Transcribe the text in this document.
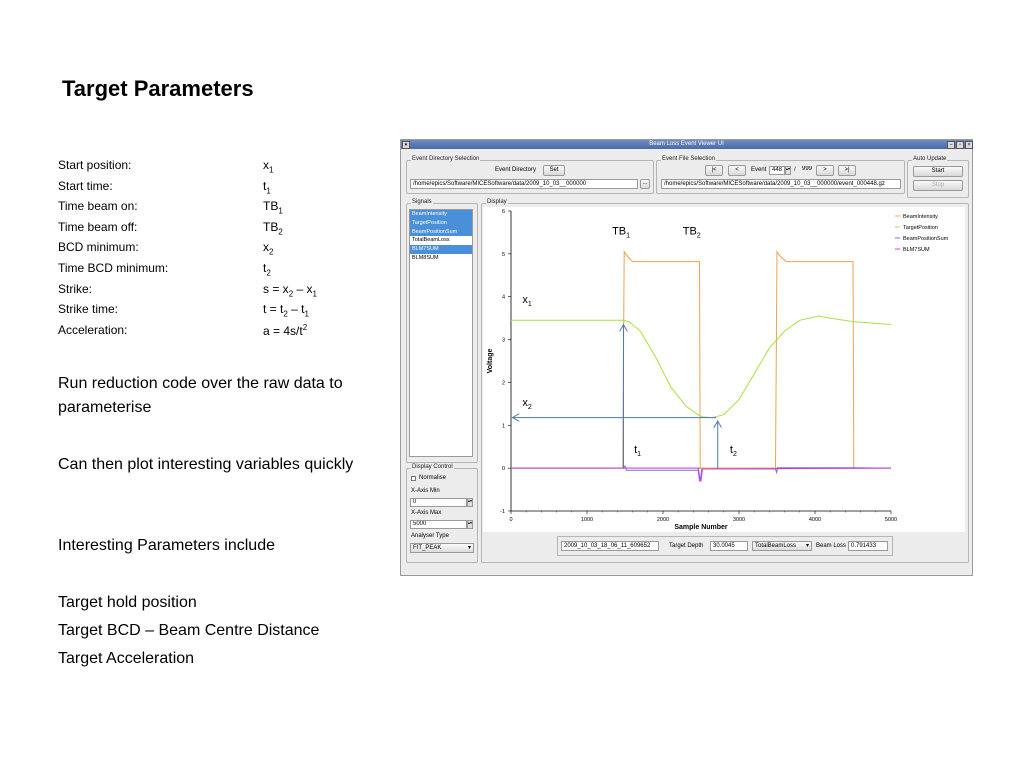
Target Parameters
Start position:	$x_1$
Start time:	$t_1$
Time beam on:	$TB_1$
Time beam off:	$TB_2$
BCD minimum:	$x_2$
Time BCD minimum:	$t_2$
Strike:	$s = x_2 - x_1$
Strike time:	$t = t_2 - t_1$
Acceleration:	$a = 4s/t^2$
Run reduction code over the raw data to parameterise
Can then plot interesting variables quickly
Interesting Parameters include
Target hold position
Target BCD – Beam Centre Distance
Target Acceleration
▾	Beam Loss Event Viewer UI	–	▫	×
Event Directory Selection
Event Directory	Set
/home/epics/Software/MICESoftware/data/2009_10_03__000000	...
Event File Selection
|<	<	Event 448 ▴▾ /	999	>	>|
/home/epics/Software/MICESoftware/data/2009_10_03__000000/event_000448.gz
Auto Update
Start
Stop
Signals
BeamIntensity
TargetPosition
BeamPositionSum
TotalBeamLoss
BLM7SUM
BLM8SUM
Display Control
Normalise
X-Axis Min
0	▴▾
X-Axis Max
5000	▴▾
Analyser Type
FIT_PEAK	▾
Display
-1
0
1
2
3
4
5
6
0	1000	2000	3000	4000	5000
Sample Number
Voltage
BeamIntensity
TargetPosition
BeamPositionSum
BLM7SUM
$TB_1$	$TB_2$
$x_1$
$x_2$
$t_1$	$t_2$
2009_10_03_18_06_11_609652	Target Depth	30.0045	TotalBeamLoss ▾ Beam Loss 0.791433
